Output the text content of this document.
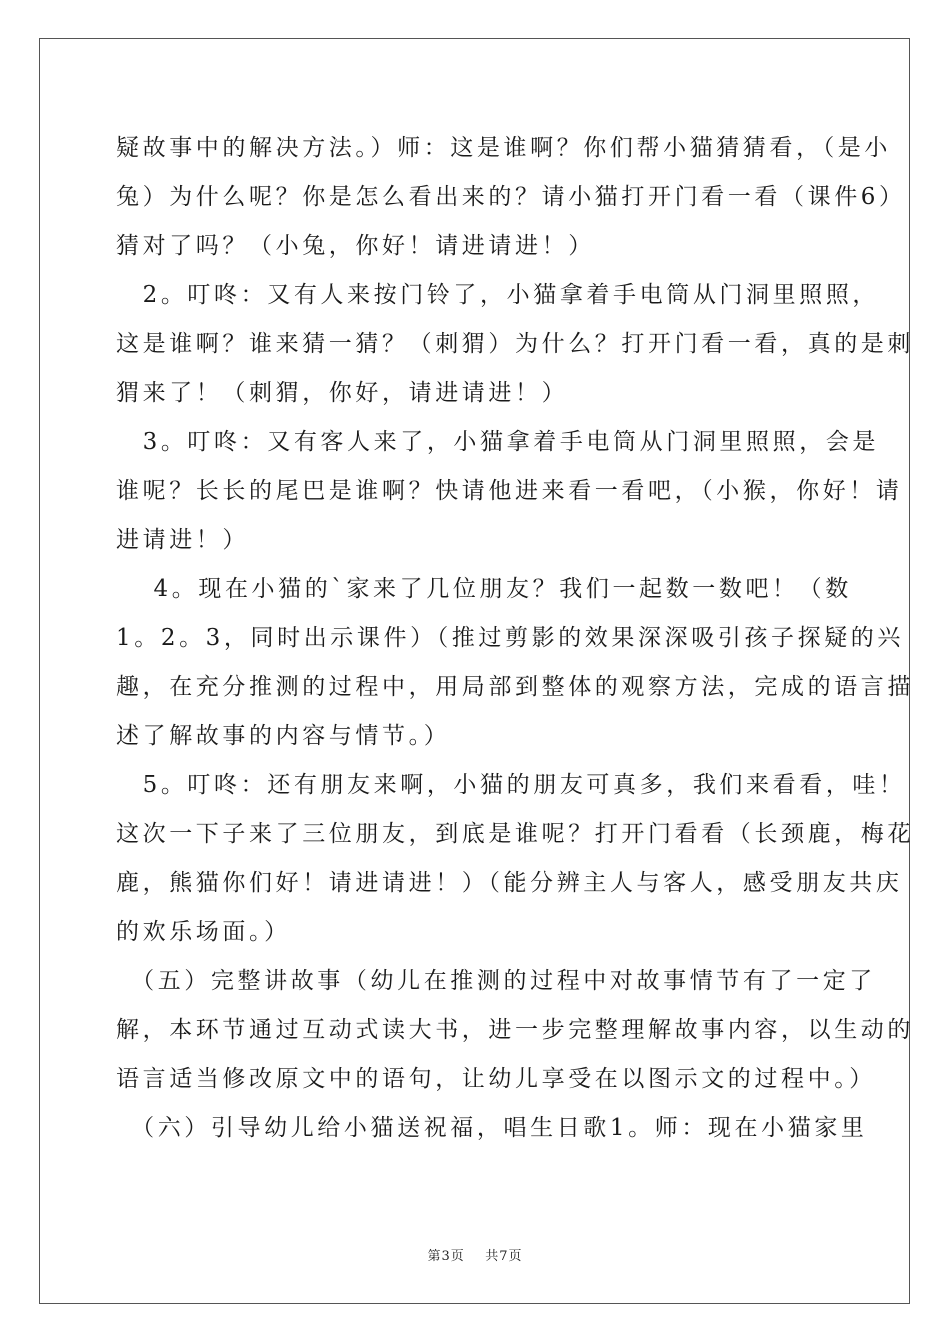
疑故事中的解决方法。）师：这是谁啊？你们帮小猫猜猜看，（是小
兔）为什么呢？你是怎么看出来的？请小猫打开门看一看（课件6）
猜对了吗？（小兔，你好！请进请进！）
　2。叮咚：又有人来按门铃了，小猫拿着手电筒从门洞里照照，
这是谁啊？谁来猜一猜？（刺猬）为什么？打开门看一看，真的是刺
猬来了！（刺猬，你好，请进请进！）
　3。叮咚：又有客人来了，小猫拿着手电筒从门洞里照照，会是
谁呢？长长的尾巴是谁啊？快请他进来看一看吧，（小猴，你好！请
进请进！）
　 4。现在小猫的`家来了几位朋友？我们一起数一数吧！（数
1。2。3，同时出示课件）（推过剪影的效果深深吸引孩子探疑的兴
趣，在充分推测的过程中，用局部到整体的观察方法，完成的语言描
述了解故事的内容与情节。）
　5。叮咚：还有朋友来啊，小猫的朋友可真多，我们来看看，哇！
这次一下子来了三位朋友，到底是谁呢？打开门看看（长颈鹿，梅花
鹿，熊猫你们好！请进请进！）（能分辨主人与客人，感受朋友共庆
的欢乐场面。）
　（五）完整讲故事（幼儿在推测的过程中对故事情节有了一定了
解，本环节通过互动式读大书，进一步完整理解故事内容，以生动的
语言适当修改原文中的语句，让幼儿享受在以图示文的过程中。）
　（六）引导幼儿给小猫送祝福，唱生日歌1。师：现在小猫家里
第3页 共7页
